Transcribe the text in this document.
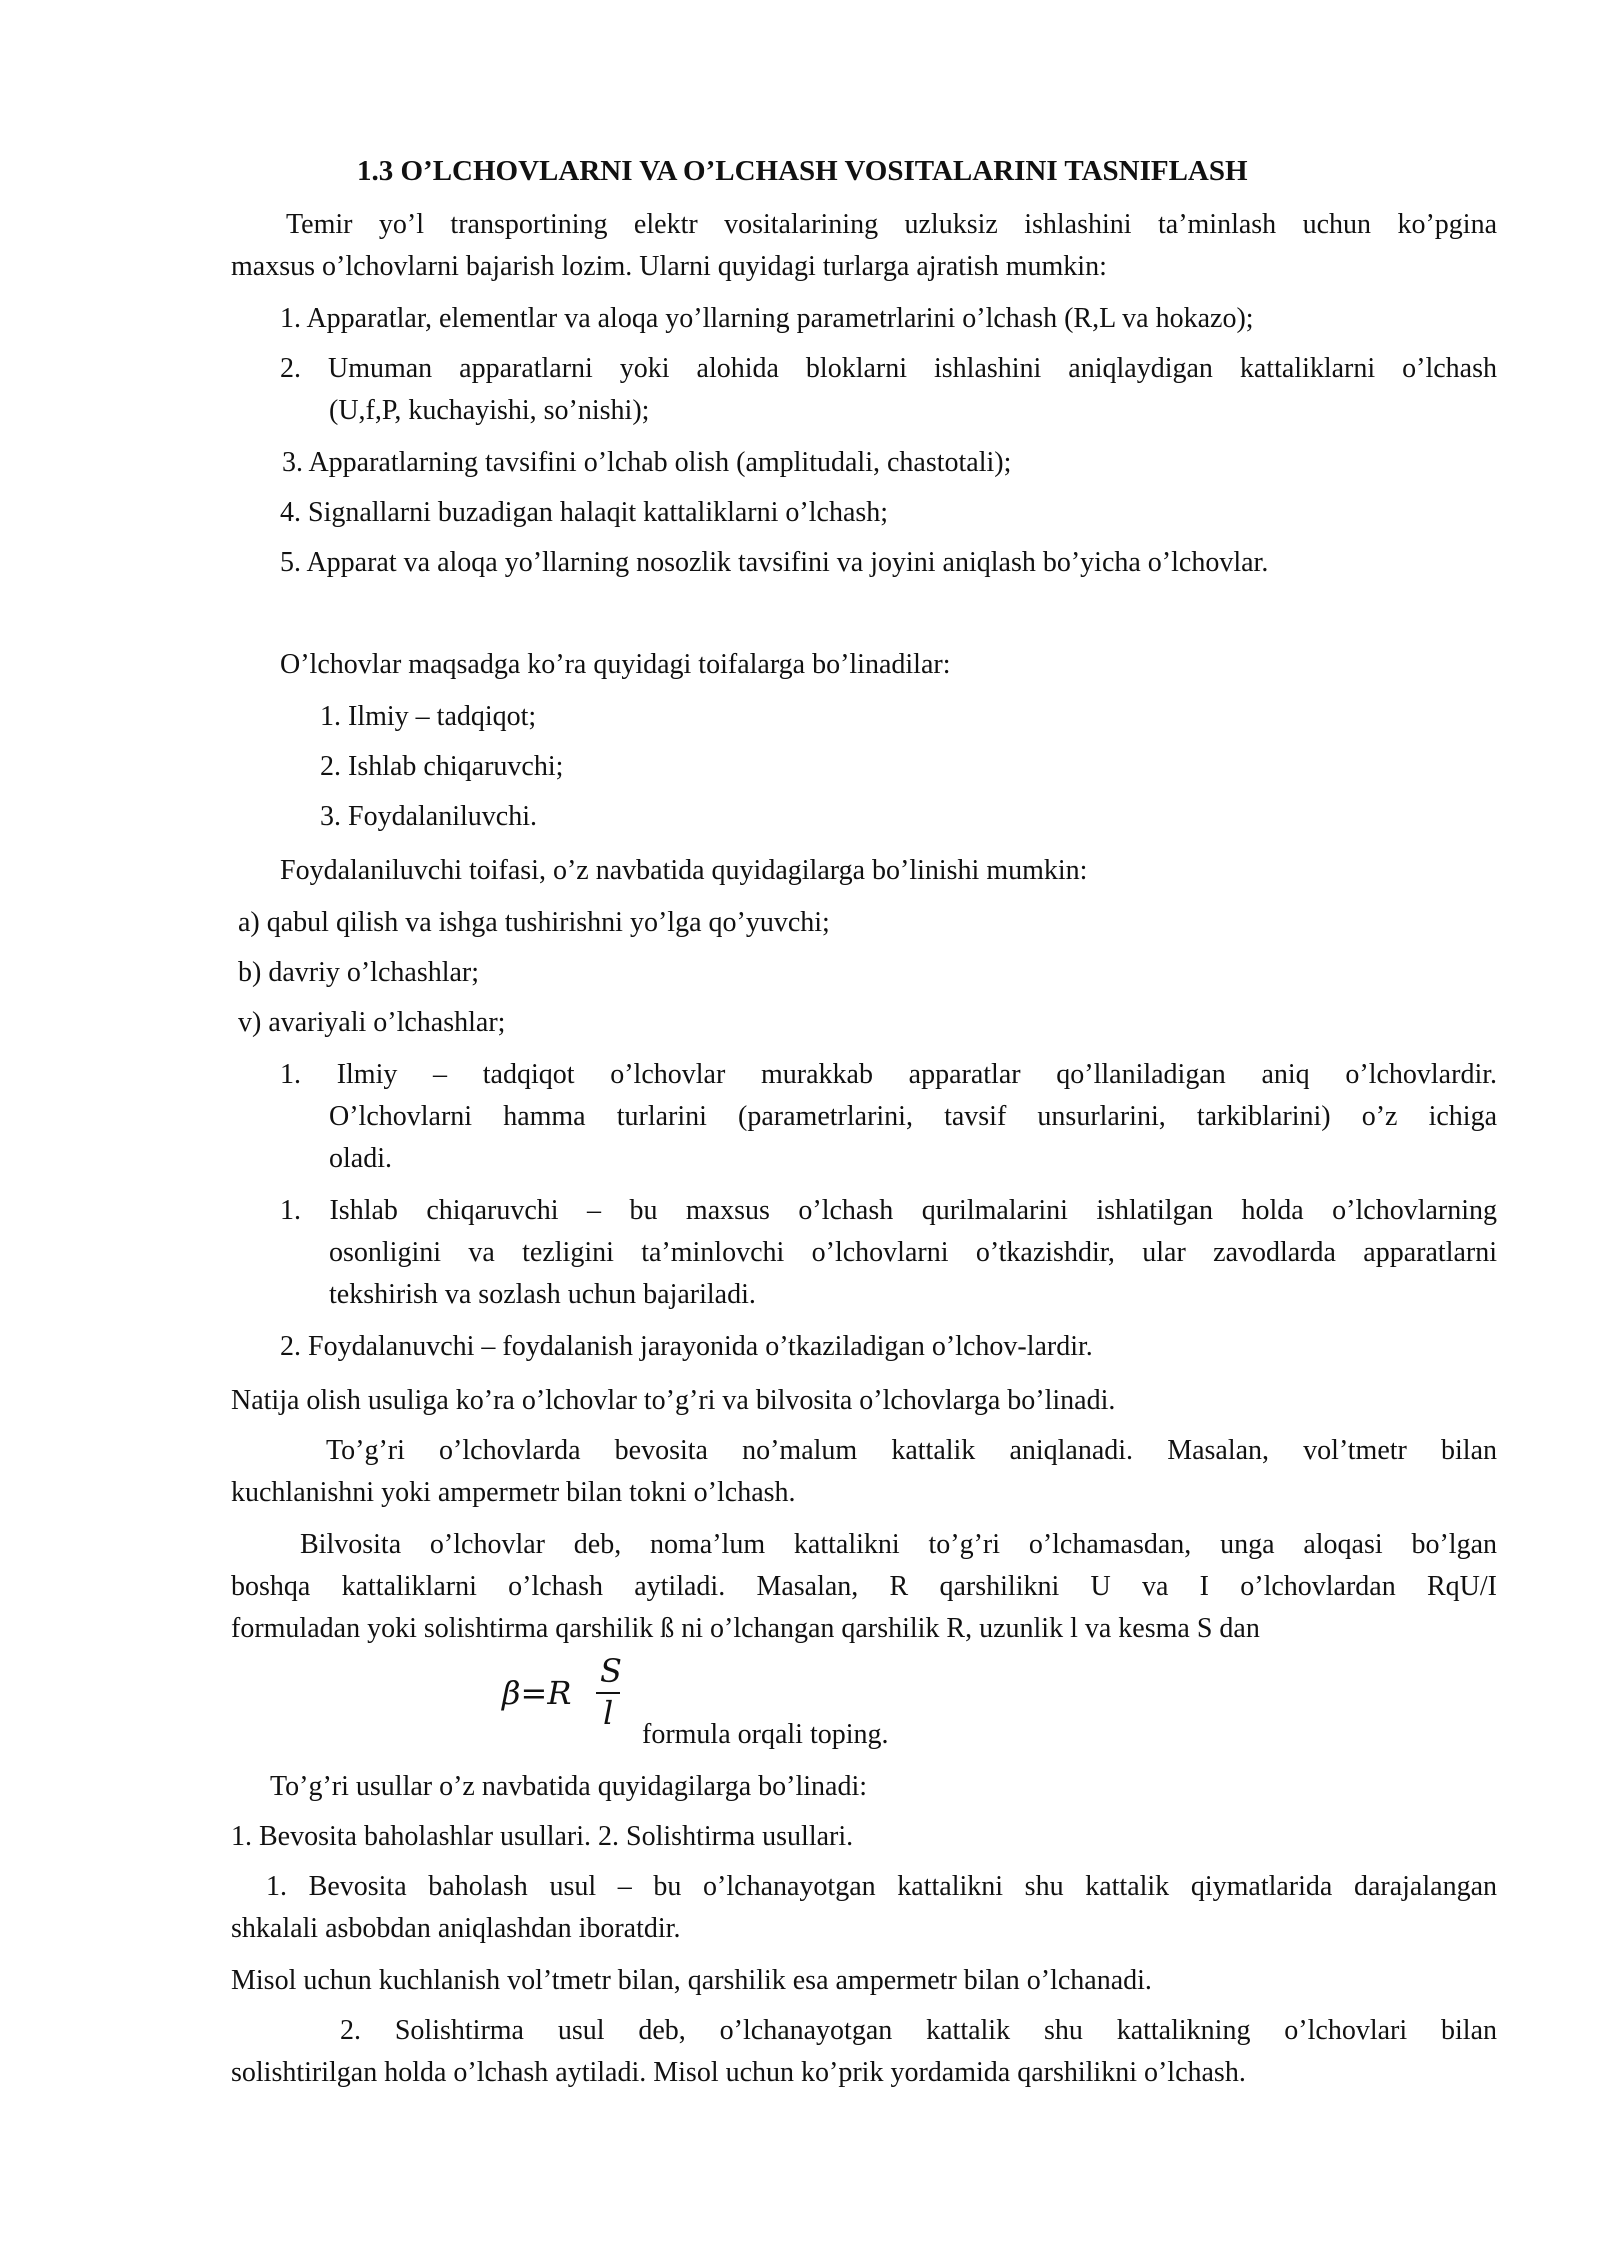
1.3 O’LCHOVLARNI VA O’LCHASH VOSITALARINI TASNIFLASH

Temir yo’l transportining elektr vositalarining uzluksiz ishlashini ta’minlash uchun ko’pgina

maxsus o’lchovlarni bajarish lozim. Ularni quyidagi turlarga ajratish mumkin:

1. Apparatlar, elementlar va aloqa yo’llarning parametrlarini o’lchash (R,L va hokazo);

2. Umuman apparatlarni yoki alohida bloklarni ishlashini aniqlaydigan kattaliklarni o’lchash

(U,f,P, kuchayishi, so’nishi);

3. Apparatlarning tavsifini o’lchab olish (amplitudali, chastotali);

4. Signallarni buzadigan halaqit kattaliklarni o’lchash;

5. Apparat va aloqa yo’llarning nosozlik tavsifini va joyini aniqlash bo’yicha o’lchovlar.

O’lchovlar maqsadga ko’ra quyidagi toifalarga bo’linadilar:

1. Ilmiy – tadqiqot;

2. Ishlab chiqaruvchi;

3. Foydalaniluvchi.

Foydalaniluvchi toifasi, o’z navbatida quyidagilarga bo’linishi mumkin:

a) qabul qilish va ishga tushirishni yo’lga qo’yuvchi;

b) davriy o’lchashlar;

v) avariyali o’lchashlar;

1. Ilmiy – tadqiqot o’lchovlar murakkab apparatlar qo’llaniladigan aniq o’lchovlardir.

O’lchovlarni hamma turlarini (parametrlarini, tavsif unsurlarini, tarkiblarini) o’z ichiga

oladi.

1. Ishlab chiqaruvchi – bu maxsus o’lchash qurilmalarini ishlatilgan holda o’lchovlarning

osonligini va tezligini ta’minlovchi o’lchovlarni o’tkazishdir, ular zavodlarda apparatlarni

tekshirish va sozlash uchun bajariladi.

2. Foydalanuvchi – foydalanish jarayonida o’tkaziladigan o’lchov-lardir.

Natija olish usuliga ko’ra o’lchovlar to’g’ri va bilvosita o’lchovlarga bo’linadi.

To’g’ri o’lchovlarda bevosita no’malum kattalik aniqlanadi. Masalan, vol’tmetr bilan

kuchlanishni yoki ampermetr bilan tokni o’lchash.

Bilvosita o’lchovlar deb, noma’lum kattalikni to’g’ri o’lchamasdan, unga aloqasi bo’lgan

boshqa kattaliklarni o’lchash aytiladi. Masalan, R qarshilikni U va I o’lchovlardan RqU/I

formuladan yoki solishtirma qarshilik ß ni o’lchangan qarshilik R, uzunlik l va kesma S dan

β=R
S
l

formula orqali toping.

To’g’ri usullar o’z navbatida quyidagilarga bo’linadi:

1. Bevosita baholashlar usullari. 2. Solishtirma usullari.

1. Bevosita baholash usul – bu o’lchanayotgan kattalikni shu kattalik qiymatlarida darajalangan

shkalali asbobdan aniqlashdan iboratdir.

Misol uchun kuchlanish vol’tmetr bilan, qarshilik esa ampermetr bilan o’lchanadi.

2. Solishtirma usul deb, o’lchanayotgan kattalik shu kattalikning o’lchovlari bilan

solishtirilgan holda o’lchash aytiladi. Misol uchun ko’prik yordamida qarshilikni o’lchash.
